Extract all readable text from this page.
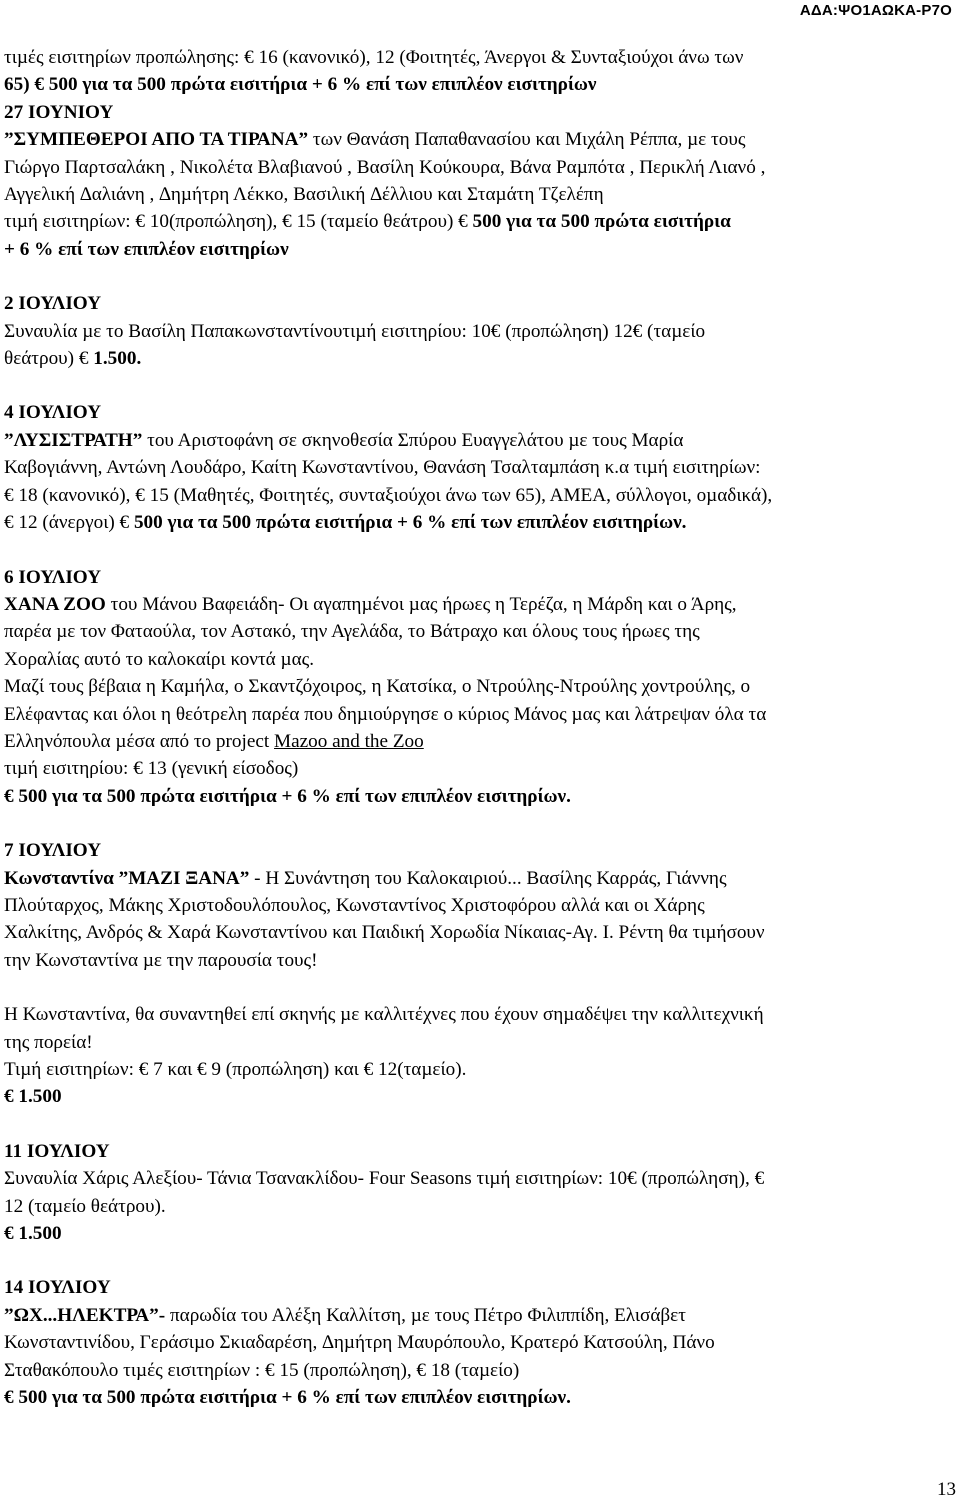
ΑΔΑ:ΨΟ1ΑΩΚΑ-Ρ7Ο

τιµές εισιτηρίων προπώλησης: € 16 (κανονικό), 12 (Φοιτητές, Άνεργοι & Συνταξιούχοι άνω των

65) € 500 για τα 500 πρώτα εισιτήρια + 6 % επί των επιπλέον εισιτηρίων

27 ΙΟΥΝΙΟΥ

”ΣΥΜΠΕΘΕΡΟΙ ΑΠΟ ΤΑ ΤΙΡΑΝΑ” των Θανάση Παπαθανασίου και Μιχάλη Ρέππα, µε τους

Γιώργο Παρτσαλάκη , Νικολέτα Βλαβιανού , Βασίλη Κούκουρα, Βάνα Ραµπότα , Περικλή Λιανό ,

Αγγελική ∆αλιάνη , ∆ηµήτρη Λέκκο, Βασιλική ∆έλλιου και Σταµάτη Τζελέπη

τιµή εισιτηρίων: € 10(προπώληση), € 15 (ταµείο θεάτρου) € 500 για τα 500 πρώτα εισιτήρια

+ 6 % επί των επιπλέον εισιτηρίων

2 ΙΟΥΛΙΟΥ

Συναυλία µε το Βασίλη Παπακωνσταντίνουτιµή εισιτηρίου: 10€ (προπώληση) 12€ (ταµείο

θεάτρου) € 1.500.

4 ΙΟΥΛΙΟΥ

”ΛΥΣΙΣΤΡΑΤΗ” του Αριστοφάνη σε σκηνοθεσία Σπύρου Ευαγγελάτου µε τους Μαρία

Καβογιάννη, Αντώνη Λουδάρο, Καίτη Κωνσταντίνου, Θανάση Τσαλταµπάση κ.α τιµή εισιτηρίων:

€ 18 (κανονικό), € 15 (Μαθητές, Φοιτητές, συνταξιούχοι άνω των 65), ΑΜΕΑ, σύλλογοι, οµαδικά),

€ 12 (άνεργοι) € 500 για τα 500 πρώτα εισιτήρια + 6 % επί των επιπλέον εισιτηρίων.

6 ΙΟΥΛΙΟΥ

ΧΑΝΑ ΖΟΟ του Μάνου Βαφειάδη- Οι αγαπηµένοι µας ήρωες η Τερέζα, η Μάρδη και ο Άρης,

παρέα µε τον Φαταούλα, τον Αστακό, την Αγελάδα, το Βάτραχο και όλους τους ήρωες της

Χοραλίας αυτό το καλοκαίρι κοντά µας.

Μαζί τους βέβαια η Καµήλα, ο Σκαντζόχοιρος, η Κατσίκα, ο Ντρούλης-Ντρούλης χοντρούλης, ο

Ελέφαντας και όλοι η θεότρελη παρέα που δηµιούργησε ο κύριος Μάνος µας και λάτρεψαν όλα τα

Ελληνόπουλα µέσα από το project Mazoo and the Zoo

τιµή εισιτηρίου: € 13 (γενική είσοδος)

€ 500 για τα 500 πρώτα εισιτήρια + 6 % επί των επιπλέον εισιτηρίων.

7 ΙΟΥΛΙΟΥ

Κωνσταντίνα ”ΜΑΖΙ ΞΑΝΑ” - Η Συνάντηση του Καλοκαιριού... Βασίλης Καρράς, Γιάννης

Πλούταρχος, Μάκης Χριστοδουλόπουλος, Κωνσταντίνος Χριστοφόρου αλλά και οι Χάρης

Χαλκίτης, Ανδρός & Χαρά Κωνσταντίνου και Παιδική Χορωδία Νίκαιας-Αγ. Ι. Ρέντη θα τιµήσουν

την Κωνσταντίνα µε την παρουσία τους!

Η Κωνσταντίνα, θα συναντηθεί επί σκηνής µε καλλιτέχνες που έχουν σηµαδέψει την καλλιτεχνική

της πορεία!

Τιµή εισιτηρίων: € 7 και € 9 (προπώληση) και € 12(ταµείο).

€ 1.500

11 ΙΟΥΛΙΟΥ

Συναυλία Χάρις Αλεξίου- Τάνια Τσανακλίδου- Four Seasons τιµή εισιτηρίων: 10€ (προπώληση), €

12 (ταµείο θεάτρου).

€ 1.500

14 ΙΟΥΛΙΟΥ

”ΩΧ...ΗΛΕΚΤΡΑ”- παρωδία του Αλέξη Καλλίτση, µε τους Πέτρο Φιλιππίδη, Ελισάβετ

Κωνσταντινίδου, Γεράσιµο Σκιαδαρέση, ∆ηµήτρη Μαυρόπουλο, Κρατερό Κατσούλη, Πάνο

Σταθακόπουλο τιµές εισιτηρίων : € 15 (προπώληση), € 18 (ταµείο)

€ 500 για τα 500 πρώτα εισιτήρια + 6 % επί των επιπλέον εισιτηρίων.

13
